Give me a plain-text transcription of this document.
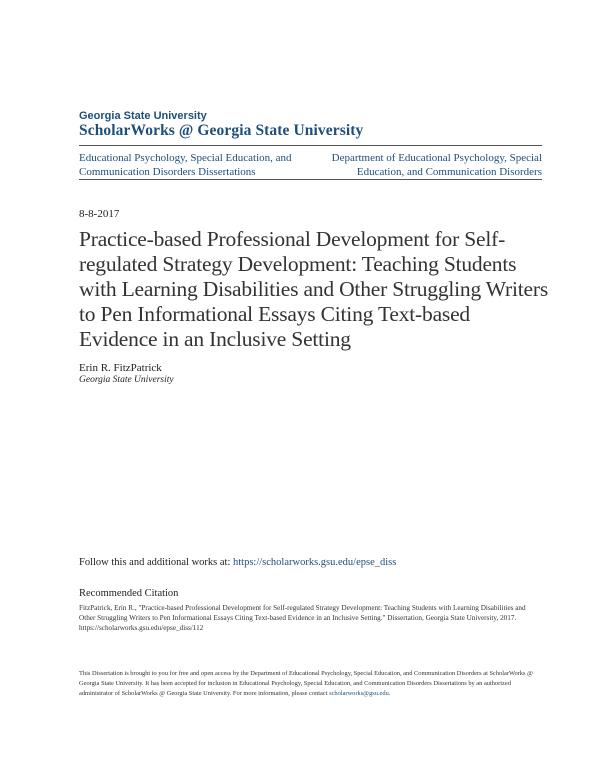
Georgia State University
ScholarWorks @ Georgia State University
Educational Psychology, Special Education, and Communication Disorders Dissertations
Department of Educational Psychology, Special Education, and Communication Disorders
8-8-2017
Practice-based Professional Development for Self-regulated Strategy Development: Teaching Students with Learning Disabilities and Other Struggling Writers to Pen Informational Essays Citing Text-based Evidence in an Inclusive Setting
Erin R. FitzPatrick
Georgia State University
Follow this and additional works at: https://scholarworks.gsu.edu/epse_diss
Recommended Citation
FitzPatrick, Erin R., "Practice-based Professional Development for Self-regulated Strategy Development: Teaching Students with Learning Disabilities and Other Struggling Writers to Pen Informational Essays Citing Text-based Evidence in an Inclusive Setting." Dissertation, Georgia State University, 2017.
https://scholarworks.gsu.edu/epse_diss/112
This Dissertation is brought to you for free and open access by the Department of Educational Psychology, Special Education, and Communication Disorders at ScholarWorks @ Georgia State University. It has been accepted for inclusion in Educational Psychology, Special Education, and Communication Disorders Dissertations by an authorized administrator of ScholarWorks @ Georgia State University. For more information, please contact scholarworks@gsu.edu.
